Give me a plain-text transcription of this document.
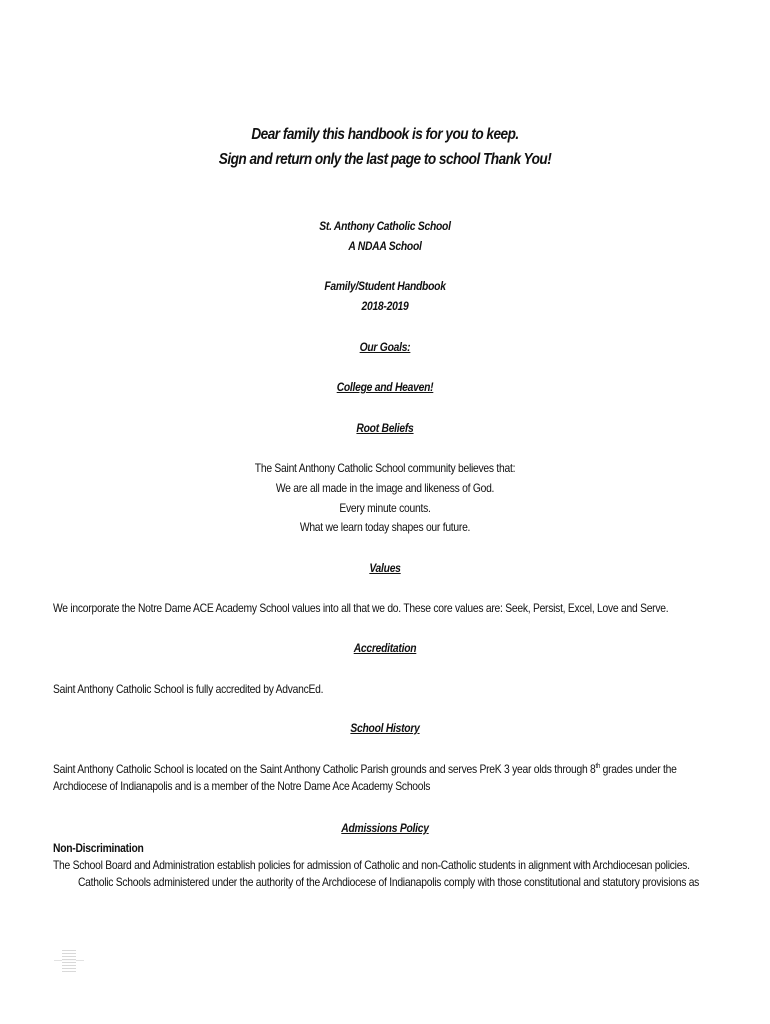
Dear family this handbook is for you to keep.
Sign and return only the last page to school Thank You!
St. Anthony Catholic School
A NDAA School
Family/Student Handbook
2018-2019
Our Goals:
College and Heaven!
Root Beliefs
The Saint Anthony Catholic School community believes that:
We are all made in the image and likeness of God.
Every minute counts.
What we learn today shapes our future.
Values
We incorporate the Notre Dame ACE Academy School values into all that we do. These core values are: Seek, Persist, Excel, Love and Serve.
Accreditation
Saint Anthony Catholic School is fully accredited by AdvancEd.
School History
Saint Anthony Catholic School is located on the Saint Anthony Catholic Parish grounds and serves PreK 3 year olds through 8th grades under the
Archdiocese of Indianapolis and is a member of the Notre Dame Ace Academy Schools
Admissions Policy
Non-Discrimination
The School Board and Administration establish policies for admission of Catholic and non-Catholic students in alignment with Archdiocesan policies.
Catholic Schools administered under the authority of the Archdiocese of Indianapolis comply with those constitutional and statutory provisions as
